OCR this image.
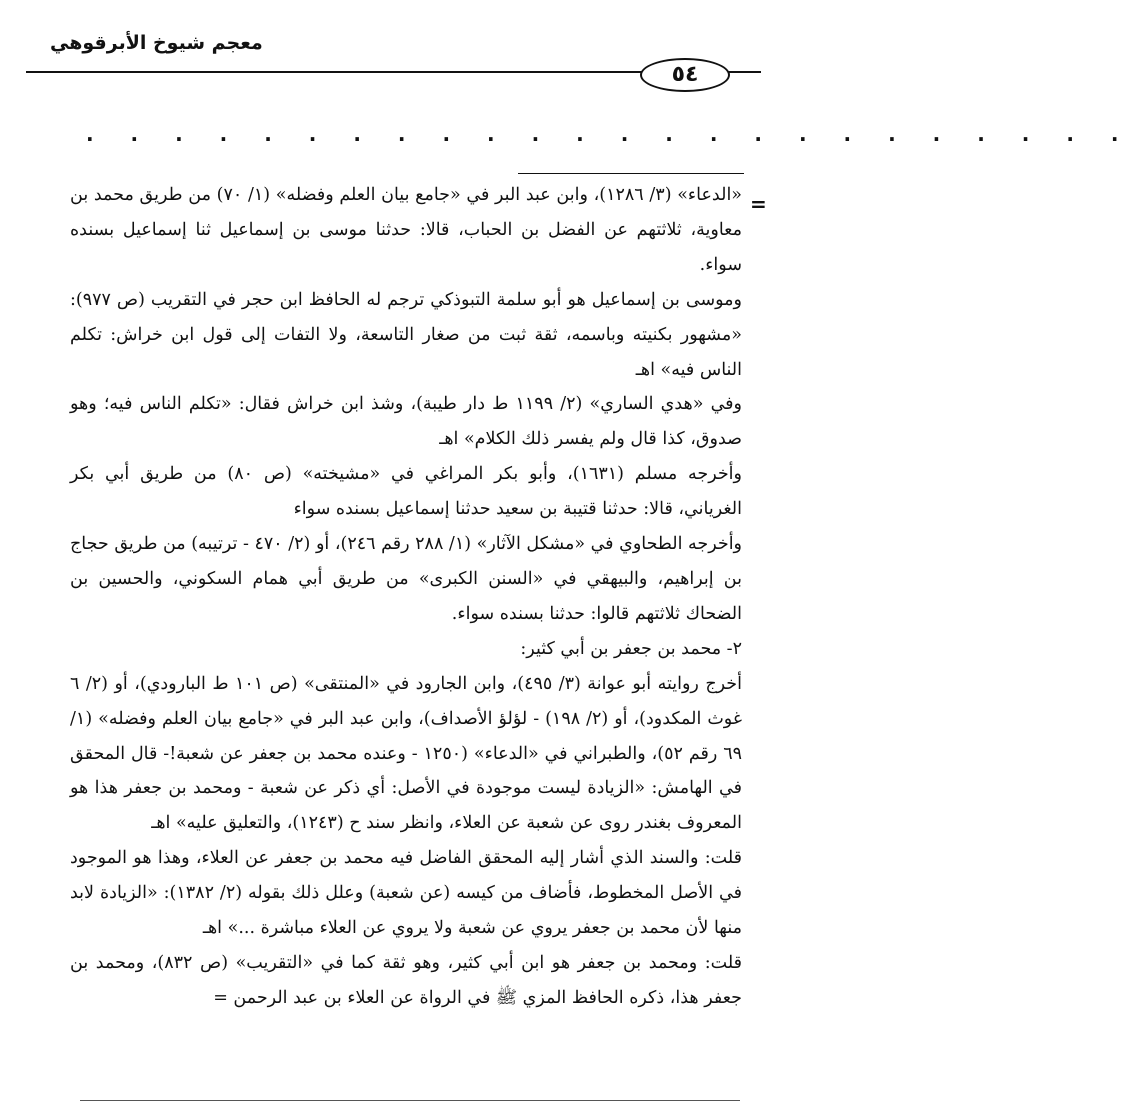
معجم شيوخ الأبرقوهي
٥٤
. . . . . . . . . . . . . . . . . . . . . . . .
=

«الدعاء» (٣/ ١٢٨٦)، وابن عبد البر في «جامع بيان العلم وفضله» (١/ ٧٠) من طريق محمد بن معاوية، ثلاثتهم عن الفضل بن الحباب، قالا: حدثنا موسى بن إسماعيل ثنا إسماعيل بسنده سواء.

وموسى بن إسماعيل هو أبو سلمة التبوذكي ترجم له الحافظ ابن حجر في التقريب (ص ٩٧٧): «مشهور بكنيته وباسمه، ثقة ثبت من صغار التاسعة، ولا التفات إلى قول ابن خراش: تكلم الناس فيه» اهـ

وفي «هدي الساري» (٢/ ١١٩٩ ط دار طيبة)، وشذ ابن خراش فقال: «تكلم الناس فيه؛ وهو صدوق، كذا قال ولم يفسر ذلك الكلام» اهـ

وأخرجه مسلم (١٦٣١)، وأبو بكر المراغي في «مشيخته» (ص ٨٠) من طريق أبي بكر الغرياني، قالا: حدثنا قتيبة بن سعيد حدثنا إسماعيل بسنده سواء

وأخرجه الطحاوي في «مشكل الآثار» (١/ ٢٨٨ رقم ٢٤٦)، أو (٢/ ٤٧٠ - ترتيبه) من طريق حجاج بن إبراهيم، والبيهقي في «السنن الكبرى» من طريق أبي همام السكوني، والحسين بن الضحاك ثلاثتهم قالوا: حدثنا بسنده سواء.

٢- محمد بن جعفر بن أبي كثير:

أخرج روايته أبو عوانة (٣/ ٤٩٥)، وابن الجارود في «المنتقى» (ص ١٠١ ط البارودي)، أو (٢/ ٦ غوث المكدود)، أو (٢/ ١٩٨) - لؤلؤ الأصداف)، وابن عبد البر في «جامع بيان العلم وفضله» (١/ ٦٩ رقم ٥٢)، والطبراني في «الدعاء» (١٢٥٠ - وعنده محمد بن جعفر عن شعبة!- قال المحقق في الهامش: «الزيادة ليست موجودة في الأصل: أي ذكر عن شعبة - ومحمد بن جعفر هذا هو المعروف بغندر روى عن شعبة عن العلاء، وانظر سند ح (١٢٤٣)، والتعليق عليه» اهـ

قلت: والسند الذي أشار إليه المحقق الفاضل فيه محمد بن جعفر عن العلاء، وهذا هو الموجود في الأصل المخطوط، فأضاف من كيسه (عن شعبة) وعلل ذلك بقوله (٢/ ١٣٨٢): «الزيادة لابد منها لأن محمد بن جعفر يروي عن شعبة ولا يروي عن العلاء مباشرة ...» اهـ

قلت: ومحمد بن جعفر هو ابن أبي كثير، وهو ثقة كما في «التقريب» (ص ٨٣٢)، ومحمد بن جعفر هذا، ذكره الحافظ المزي ﷺ في الرواة عن العلاء بن عبد الرحمن =
